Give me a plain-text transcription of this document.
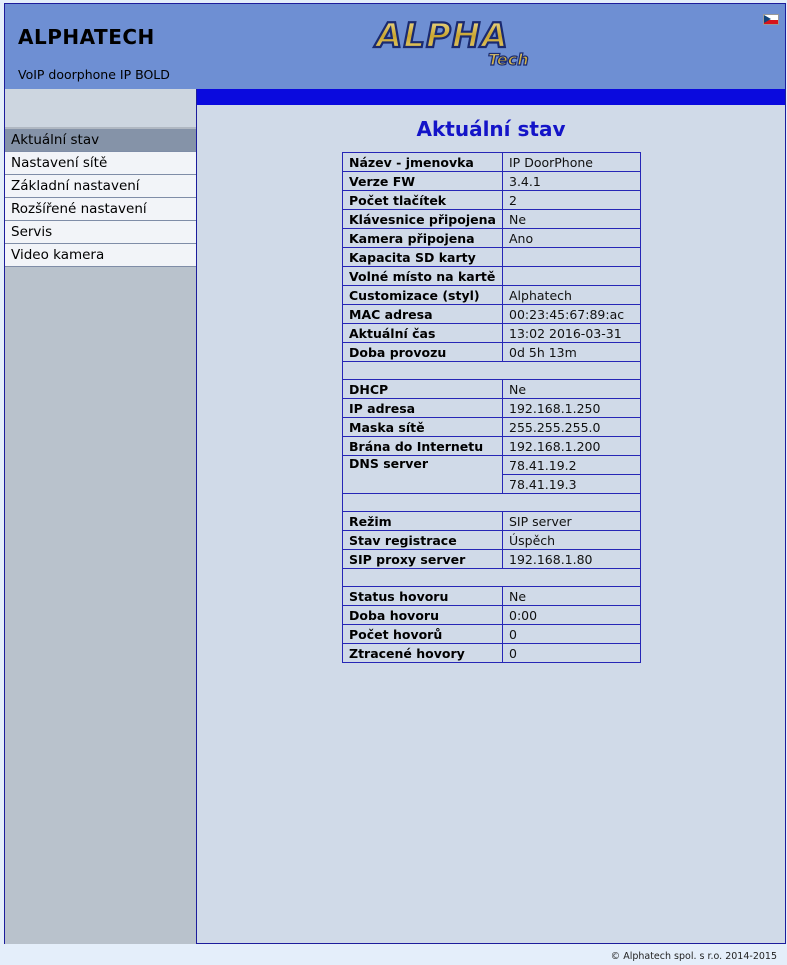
ALPHATECH
VoIP doorphone IP BOLD
ALPHA
Tech
Aktuální stav
Nastavení sítě
Základní nastavení
Rozšířené nastavení
Servis
Video kamera
Aktuální stav
Název - jmenovka	IP DoorPhone
Verze FW	3.4.1
Počet tlačítek	2
Klávesnice připojena	Ne
Kamera připojena	Ano
Kapacita SD karty	
Volné místo na kartě	
Customizace (styl)	Alphatech
MAC adresa	00:23:45:67:89:ac
Aktuální čas	13:02 2016-03-31
Doba provozu	0d 5h 13m

DHCP	Ne
IP adresa	192.168.1.250
Maska sítě	255.255.255.0
Brána do Internetu	192.168.1.200
DNS server	78.41.19.2
	78.41.19.3

Režim	SIP server
Stav registrace	Úspěch
SIP proxy server	192.168.1.80

Status hovoru	Ne
Doba hovoru	0:00
Počet hovorů	0
Ztracené hovory	0
© Alphatech spol. s r.o. 2014-2015
